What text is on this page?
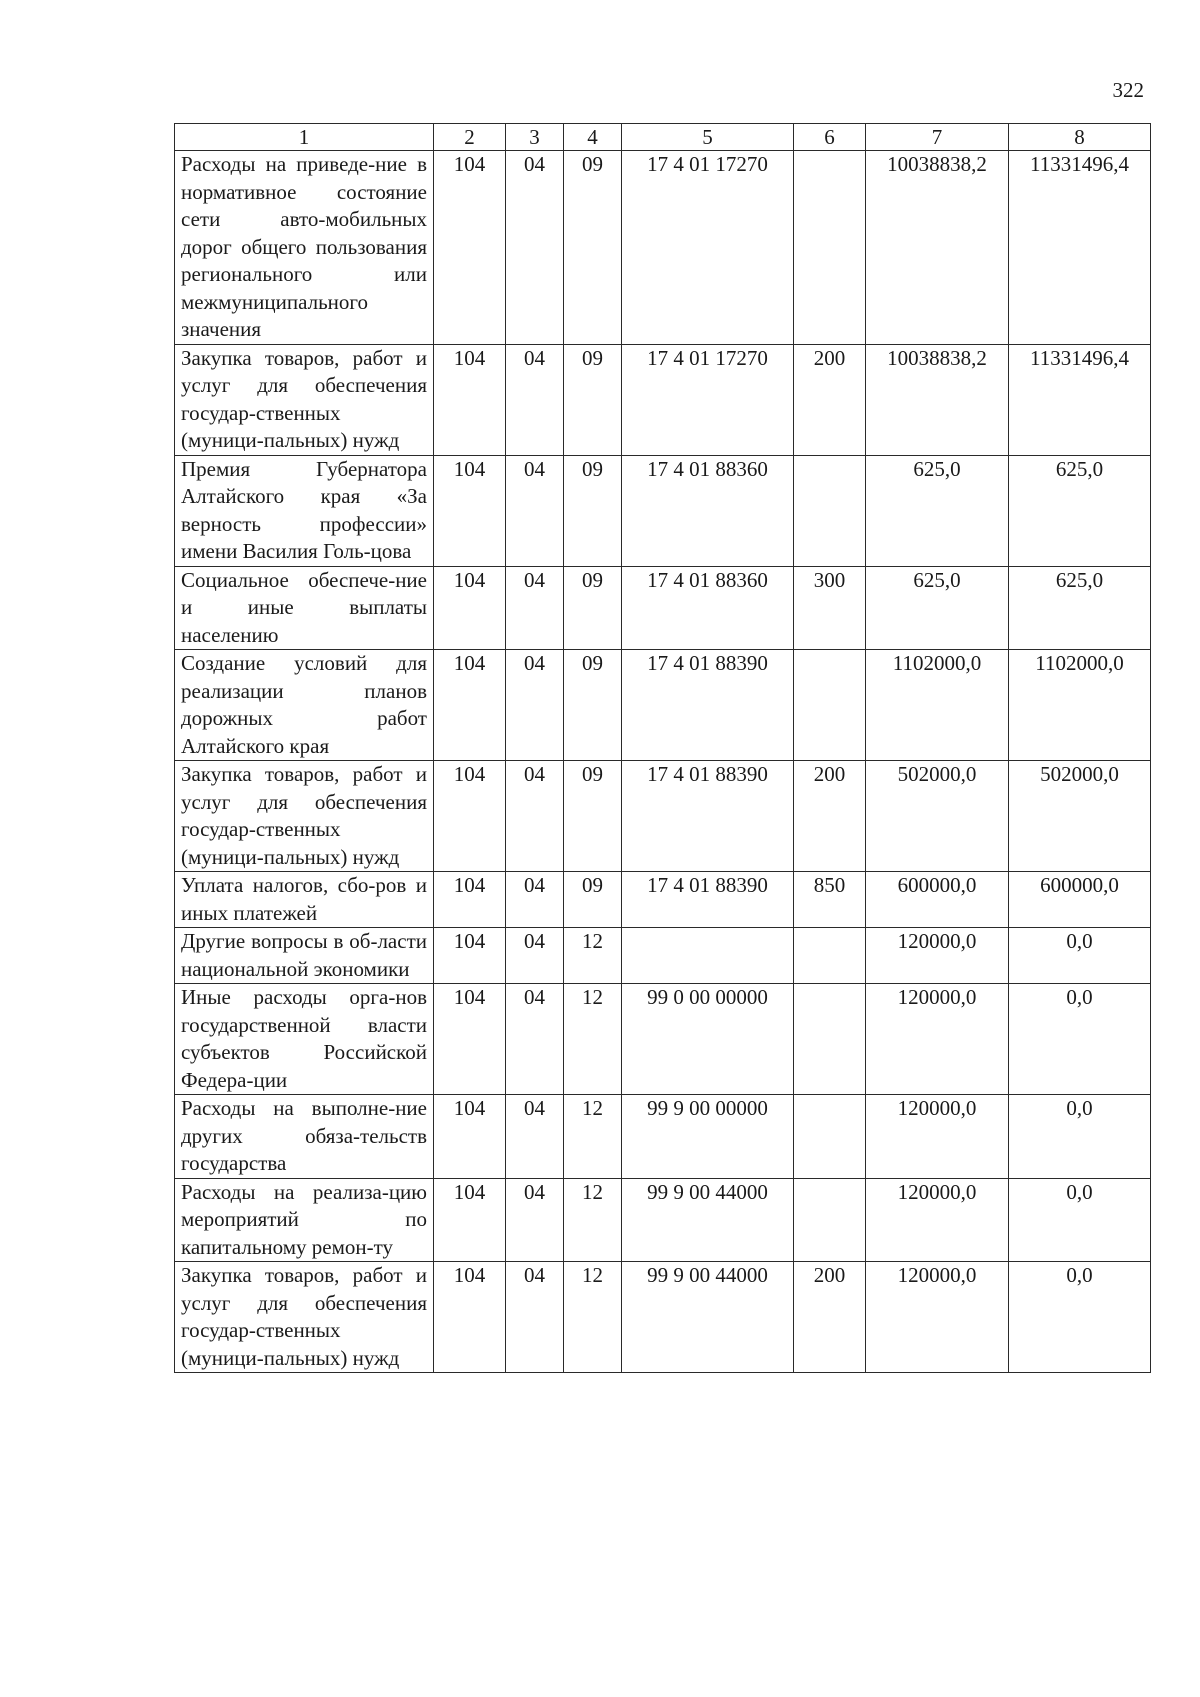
322
1	2	3	4	5	6	7	8
Расходы на приведе-ние в нормативное состояние сети авто-мобильных дорог общего пользования регионального или межмуниципального значения	104	04	09	17 4 01 17270		10038838,2	11331496,4
Закупка товаров, работ и услуг для обеспечения государ-ственных (муници-пальных) нужд	104	04	09	17 4 01 17270	200	10038838,2	11331496,4
Премия Губернатора Алтайского края «За верность профессии» имени Василия Голь-цова	104	04	09	17 4 01 88360		625,0	625,0
Социальное обеспече-ние и иные выплаты населению	104	04	09	17 4 01 88360	300	625,0	625,0
Создание условий для реализации планов дорожных работ Алтайского края	104	04	09	17 4 01 88390		1102000,0	1102000,0
Закупка товаров, работ и услуг для обеспечения государ-ственных (муници-пальных) нужд	104	04	09	17 4 01 88390	200	502000,0	502000,0
Уплата налогов, сбо-ров и иных платежей	104	04	09	17 4 01 88390	850	600000,0	600000,0
Другие вопросы в об-ласти национальной экономики	104	04	12			120000,0	0,0
Иные расходы орга-нов государственной власти субъектов Российской Федера-ции	104	04	12	99 0 00 00000		120000,0	0,0
Расходы на выполне-ние других обяза-тельств государства	104	04	12	99 9 00 00000		120000,0	0,0
Расходы на реализа-цию мероприятий по капитальному ремон-ту	104	04	12	99 9 00 44000		120000,0	0,0
Закупка товаров, работ и услуг для обеспечения государ-ственных (муници-пальных) нужд	104	04	12	99 9 00 44000	200	120000,0	0,0
